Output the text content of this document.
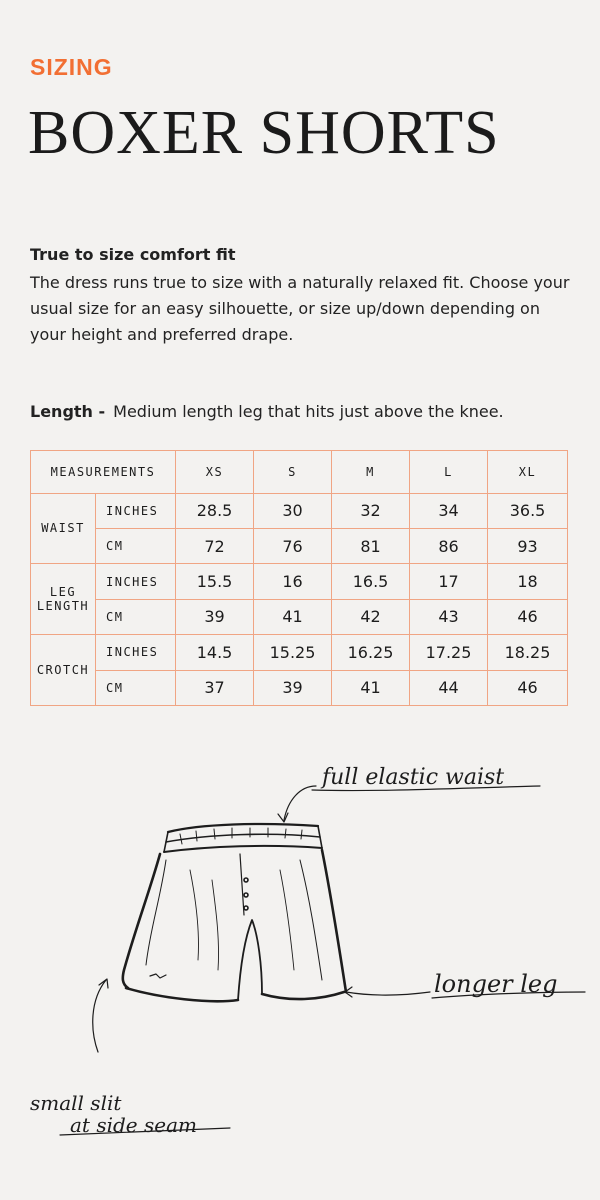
SIZING
BOXER SHORTS
True to size comfort fit
The dress runs true to size with a naturally relaxed fit. Choose your usual size for an easy silhouette, or size up/down depending on your height and preferred drape.
Length - Medium length leg that hits just above the knee.
MEASUREMENTS		XS	S	M	L	XL
WAIST	INCHES	28.5	30	32	34	36.5
	CM	72	76	81	86	93

LEG
LENGTH	INCHES	15.5	16	16.5	17	18
	CM	39	41	42	43	46
CROTCH	INCHES	14.5	15.25	16.25	17.25	18.25
	CM	37	39	41	44	46
full elastic waist
longer leg
small slit
at side seam
